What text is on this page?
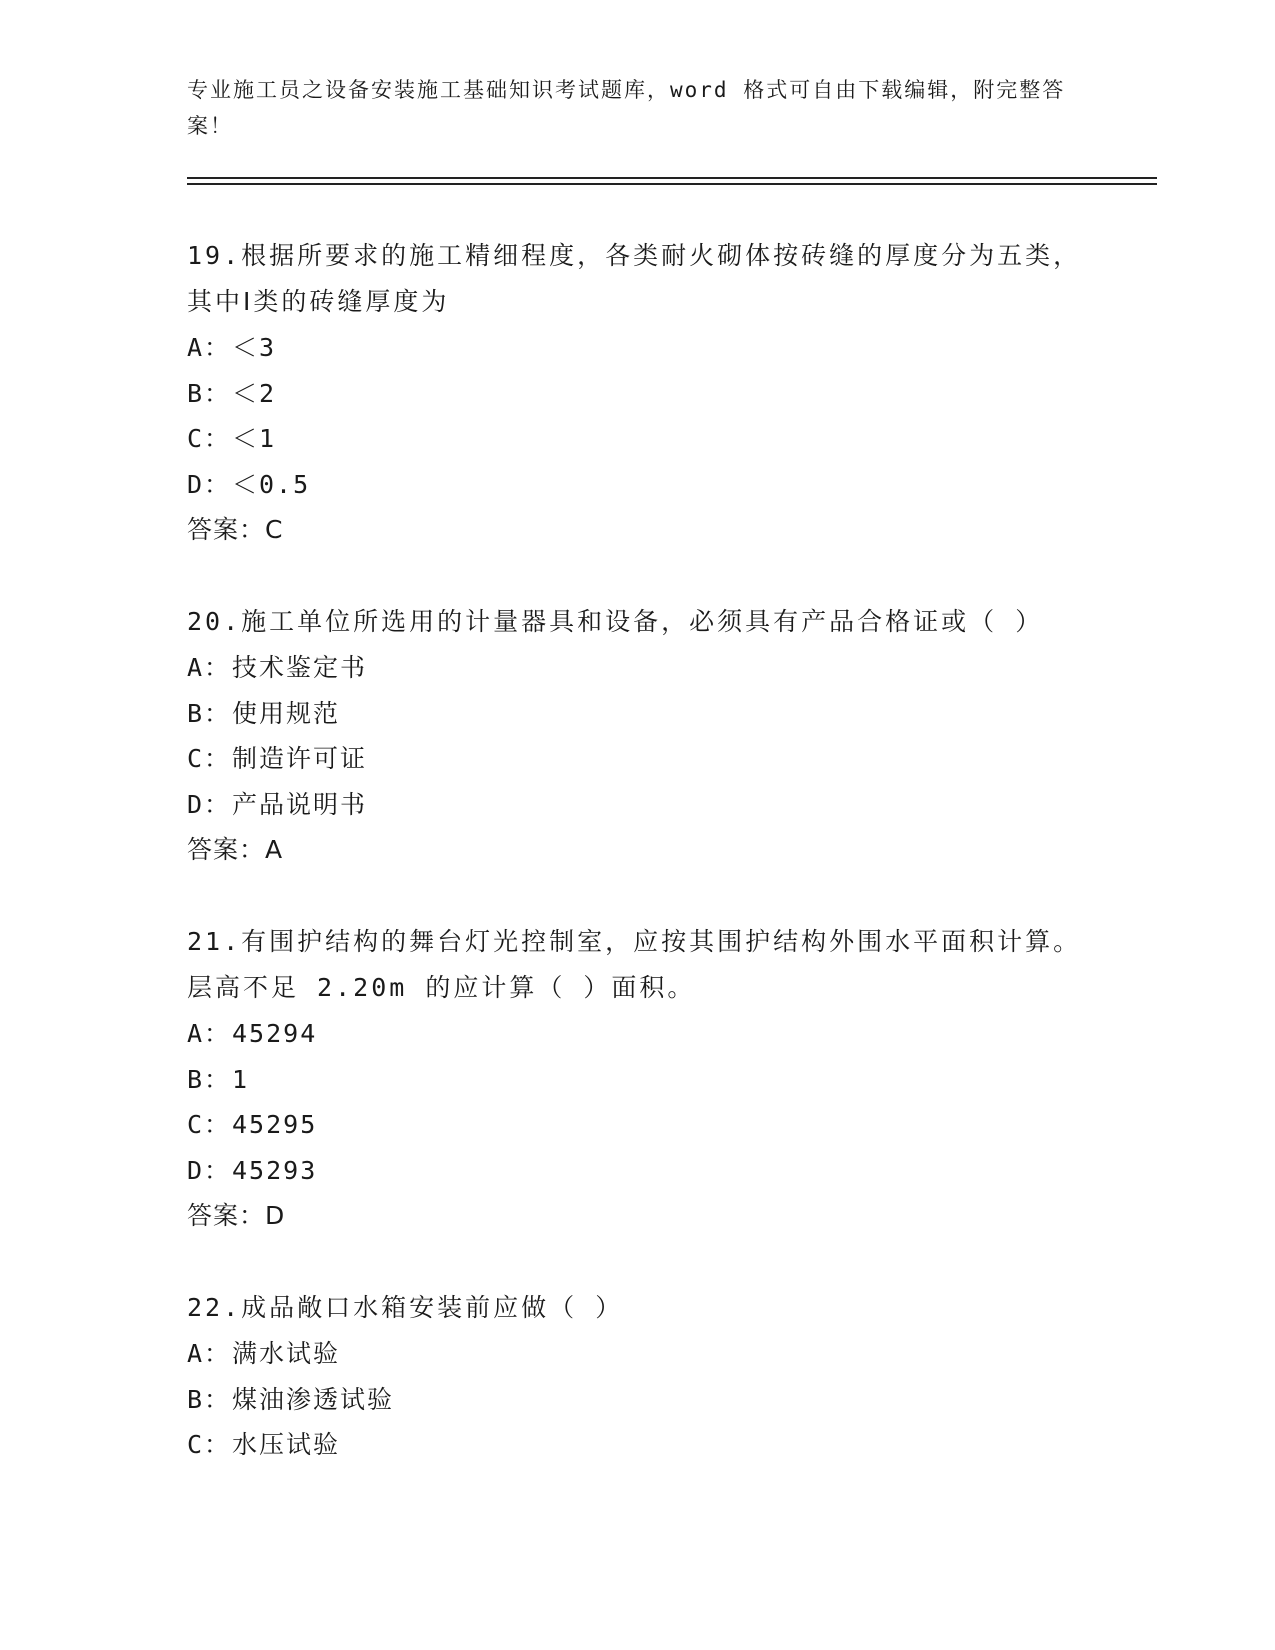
专业施工员之设备安装施工基础知识考试题库，word 格式可自由下载编辑，附完整答案！
19.根据所要求的施工精细程度，各类耐火砌体按砖缝的厚度分为五类，其中Ⅰ类的砖缝厚度为
A：＜3
B：＜2
C：＜1
D：＜0.5
答案：C
20.施工单位所选用的计量器具和设备，必须具有产品合格证或（ ）
A：技术鉴定书
B：使用规范
C：制造许可证
D：产品说明书
答案：A
21.有围护结构的舞台灯光控制室，应按其围护结构外围水平面积计算。层高不足 2.20m 的应计算（ ）面积。
A：45294
B：1
C：45295
D：45293
答案：D
22.成品敞口水箱安装前应做（ ）
A：满水试验
B：煤油渗透试验
C：水压试验
